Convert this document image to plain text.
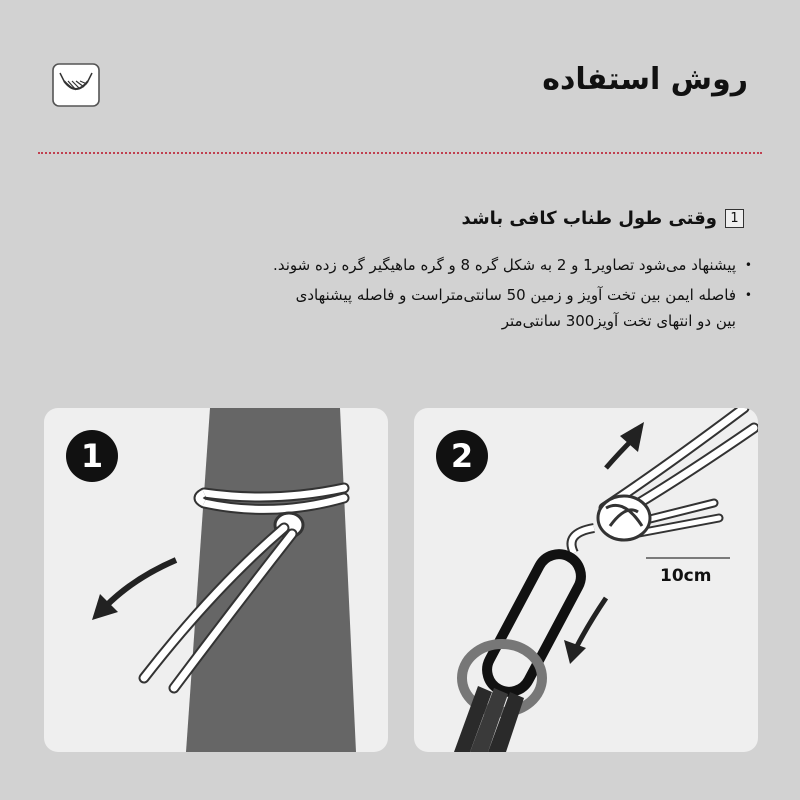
روش استفاده
1
وقتی طول طناب کافی باشد
• پیشنهاد می‌شود تصاویر1 و 2 به شکل گره 8 و گره ماهیگیر گره زده شوند.
• فاصله ایمن بین تخت آویز و زمین 50 سانتی‌متراست و فاصله پیشنهادی بین دو انتهای تخت آویز300 سانتی‌متر
1	2
10cm
